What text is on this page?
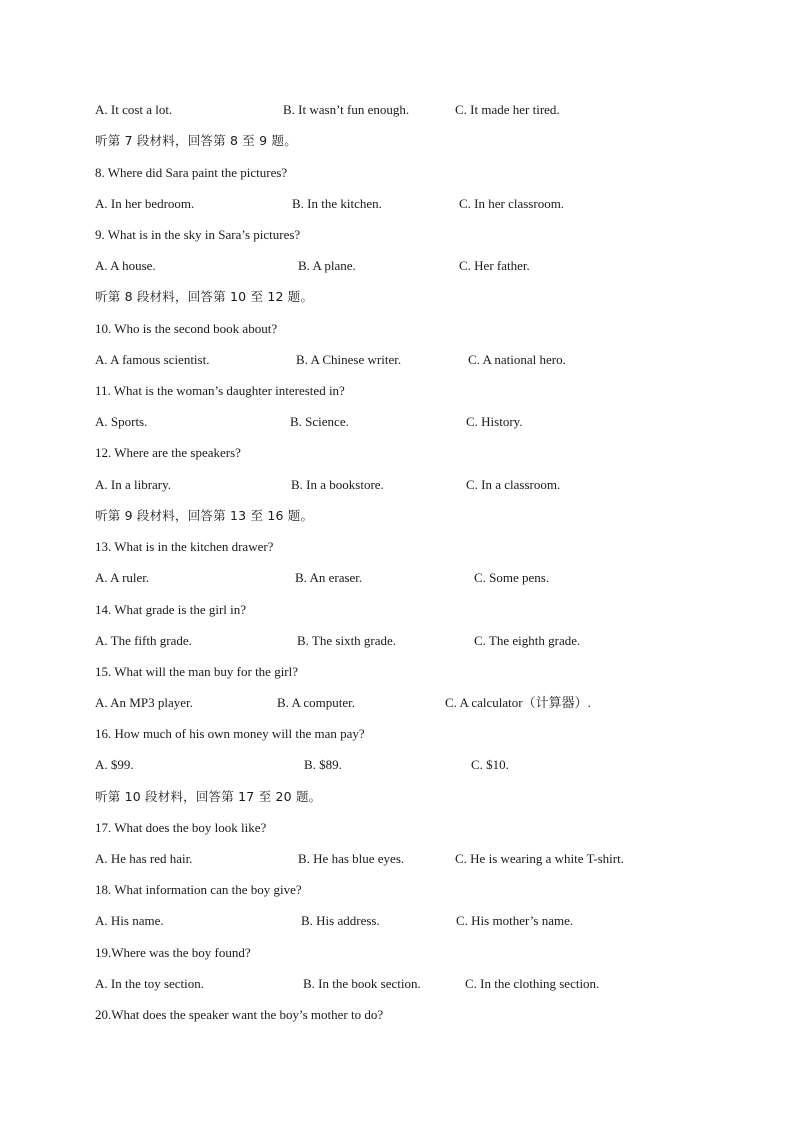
A. It cost a lot.	B. It wasn’t fun enough.	C. It made her tired.
听第 7 段材料，回答第 8 至 9 题。
8. Where did Sara paint the pictures?
A. In her bedroom.	B. In the kitchen.	C. In her classroom.
9. What is in the sky in Sara’s pictures?
A. A house.	B. A plane.	C. Her father.
听第 8 段材料，回答第 10 至 12 题。
10. Who is the second book about?
A. A famous scientist.	B. A Chinese writer.	C. A national hero.
11. What is the woman’s daughter interested in?
A. Sports.	B. Science.	C. History.
12. Where are the speakers?
A. In a library.	B. In a bookstore.	C. In a classroom.
听第 9 段材料，回答第 13 至 16 题。
13. What is in the kitchen drawer?
A. A ruler.	B. An eraser.	C. Some pens.
14. What grade is the girl in?
A. The fifth grade.	B. The sixth grade.	C. The eighth grade.
15. What will the man buy for the girl?
A. An MP3 player.	B. A computer.	C. A calculator（计算器）.
16. How much of his own money will the man pay?
A. $99.	B. $89.	C. $10.
听第 10 段材料，回答第 17 至 20 题。
17. What does the boy look like?
A. He has red hair.	B. He has blue eyes.	C. He is wearing a white T-shirt.
18. What information can the boy give?
A. His name.	B. His address.	C. His mother’s name.
19.Where was the boy found?
A. In the toy section.	B. In the book section.	C. In the clothing section.
20.What does the speaker want the boy’s mother to do?
